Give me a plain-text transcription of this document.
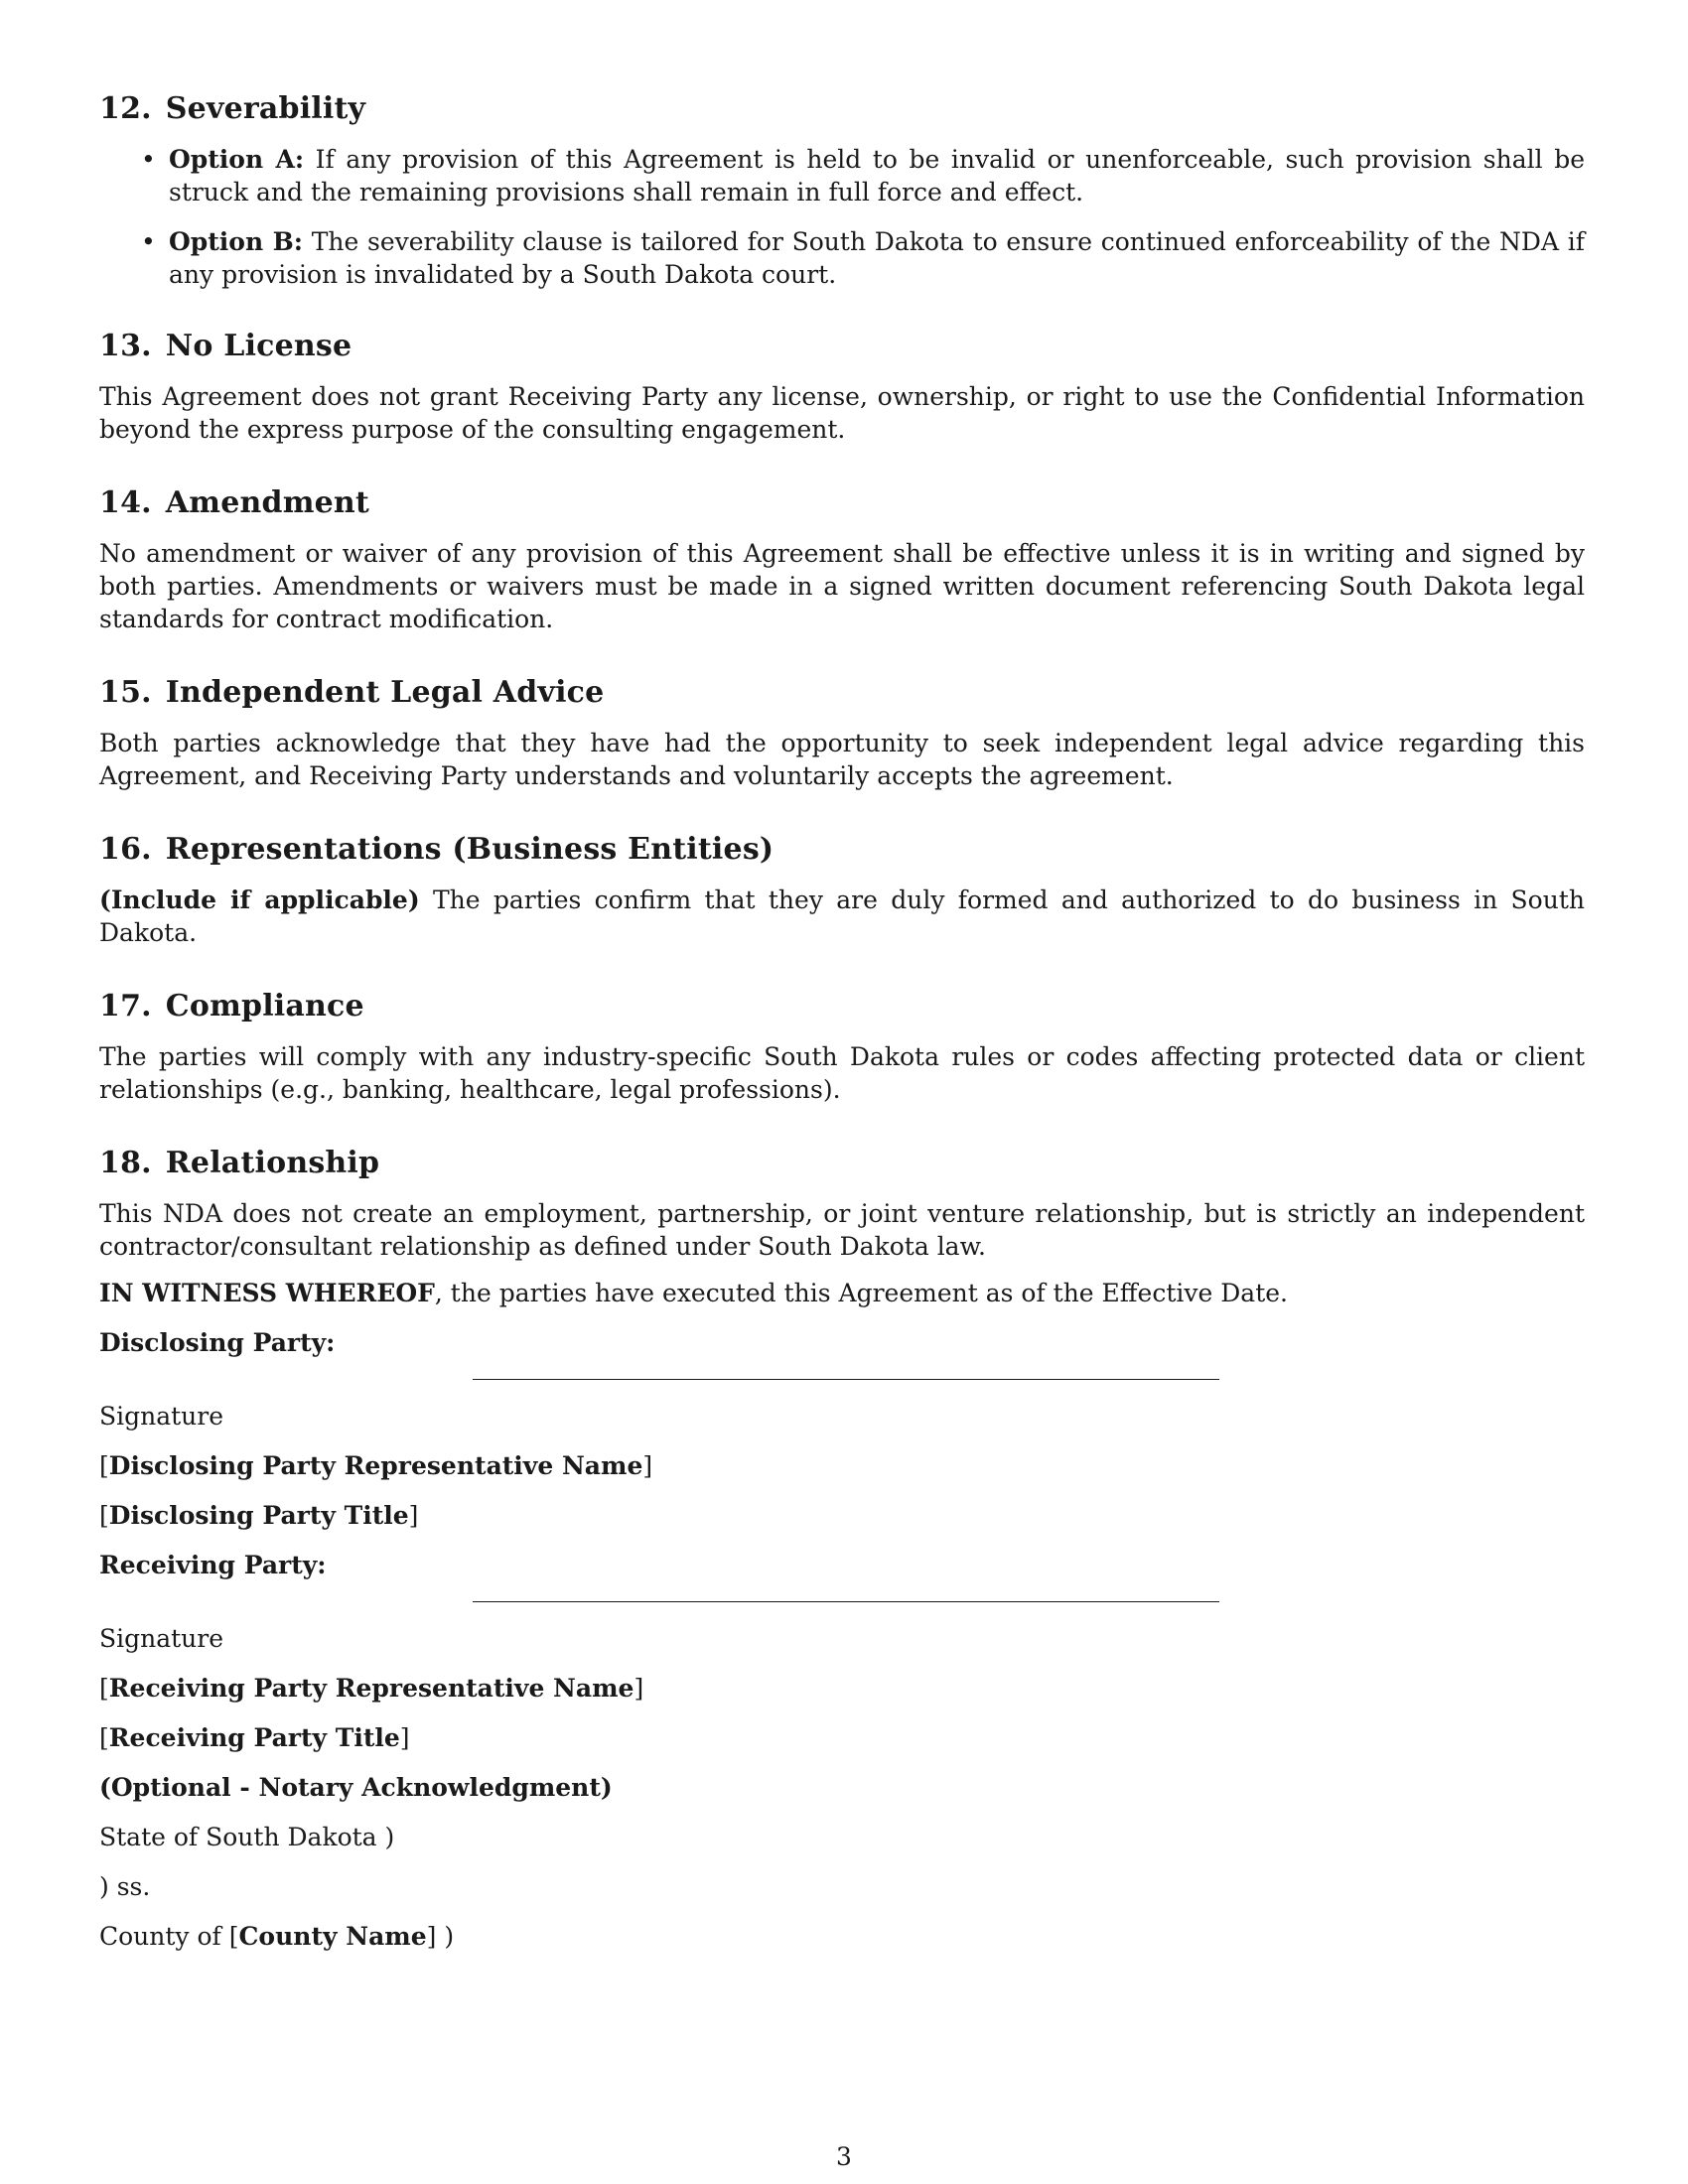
12. Severability
• Option A: If any provision of this Agreement is held to be invalid or unenforceable, such provision shall be struck and the remaining provisions shall remain in full force and effect.
• Option B: The severability clause is tailored for South Dakota to ensure continued enforceability of the NDA if any provision is invalidated by a South Dakota court.
13. No License

This Agreement does not grant Receiving Party any license, ownership, or right to use the Confidential Information beyond the express purpose of the consulting engagement.

14. Amendment

No amendment or waiver of any provision of this Agreement shall be effective unless it is in writing and signed by both parties. Amendments or waivers must be made in a signed written document referencing South Dakota legal standards for contract modification.

15. Independent Legal Advice

Both parties acknowledge that they have had the opportunity to seek independent legal advice regarding this Agreement, and Receiving Party understands and voluntarily accepts the agreement.

16. Representations (Business Entities)

(Include if applicable) The parties confirm that they are duly formed and authorized to do business in South Dakota.

17. Compliance

The parties will comply with any industry-specific South Dakota rules or codes affecting protected data or client relationships (e.g., banking, healthcare, legal professions).

18. Relationship

This NDA does not create an employment, partnership, or joint venture relationship, but is strictly an independent contractor/consultant relationship as defined under South Dakota law.

IN WITNESS WHEREOF, the parties have executed this Agreement as of the Effective Date.

Disclosing Party:

Signature

[Disclosing Party Representative Name]

[Disclosing Party Title]

Receiving Party:

Signature

[Receiving Party Representative Name]

[Receiving Party Title]

(Optional - Notary Acknowledgment)

State of South Dakota )

) ss.

County of [County Name] )

3
